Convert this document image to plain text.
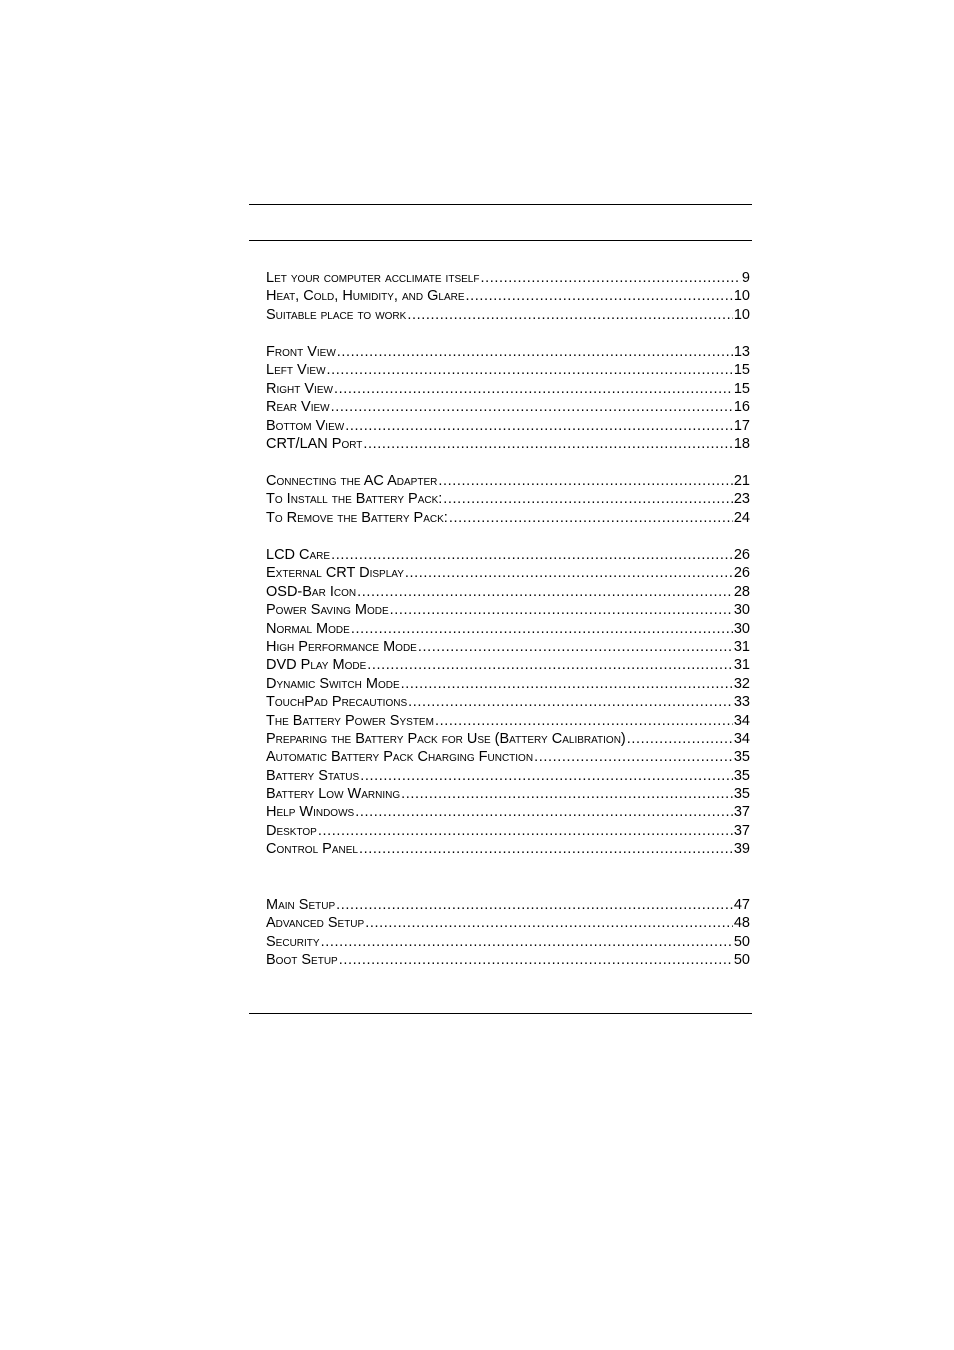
Let your computer acclimate itself .....	9
Heat, Cold, Humidity, and Glare .....	10
Suitable place to work .....	10
Front View .....	13
Left View .....	15
Right View .....	15
Rear View .....	16
Bottom View .....	17
CRT/LAN Port .....	18
Connecting the AC Adapter .....	21
To Install the Battery Pack: .....	23
To Remove the Battery Pack: .....	24
LCD Care .....	26
External CRT Display .....	26
OSD-Bar Icon .....	28
Power Saving Mode .....	30
Normal Mode .....	30
High Performance Mode .....	31
DVD Play Mode .....	31
Dynamic Switch Mode .....	32
TouchPad Precautions .....	33
The Battery Power System .....	34
Preparing the Battery Pack for Use (Battery Calibration) .....	34
Automatic Battery Pack Charging Function .....	35
Battery Status .....	35
Battery Low Warning .....	35
Help Windows .....	37
Desktop .....	37
Control Panel .....	39
Main Setup .....	47
Advanced Setup .....	48
Security .....	50
Boot Setup .....	50
